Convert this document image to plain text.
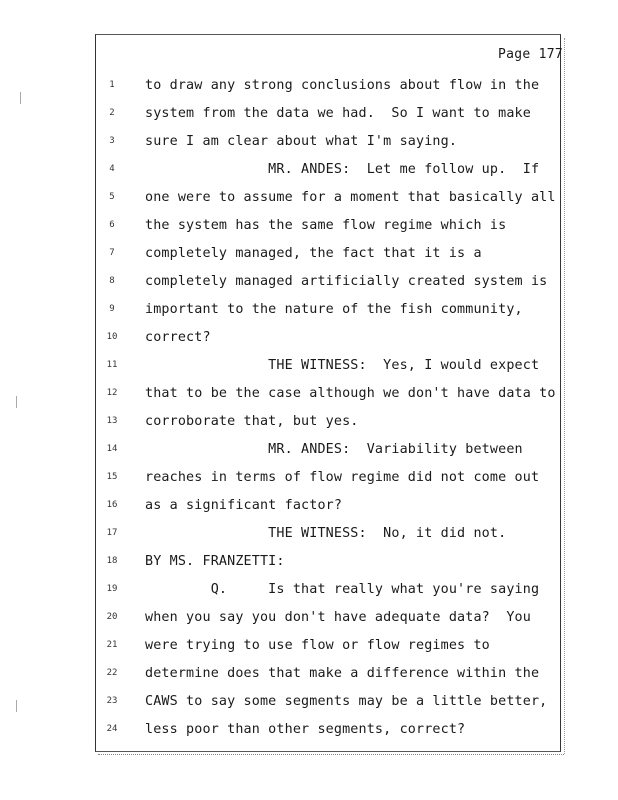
Page 177
1	to draw any strong conclusions about flow in the
2	system from the data we had.  So I want to make
3	sure I am clear about what I'm saying.
4	MR. ANDES:  Let me follow up.  If
5	one were to assume for a moment that basically all
6	the system has the same flow regime which is
7	completely managed, the fact that it is a
8	completely managed artificially created system is
9	important to the nature of the fish community,
10	correct?
11	THE WITNESS:  Yes, I would expect
12	that to be the case although we don't have data to
13	corroborate that, but yes.
14	MR. ANDES:  Variability between
15	reaches in terms of flow regime did not come out
16	as a significant factor?
17	THE WITNESS:  No, it did not.
18	BY MS. FRANZETTI:
19	Q.     Is that really what you're saying
20	when you say you don't have adequate data?  You
21	were trying to use flow or flow regimes to
22	determine does that make a difference within the
23	CAWS to say some segments may be a little better,
24	less poor than other segments, correct?
